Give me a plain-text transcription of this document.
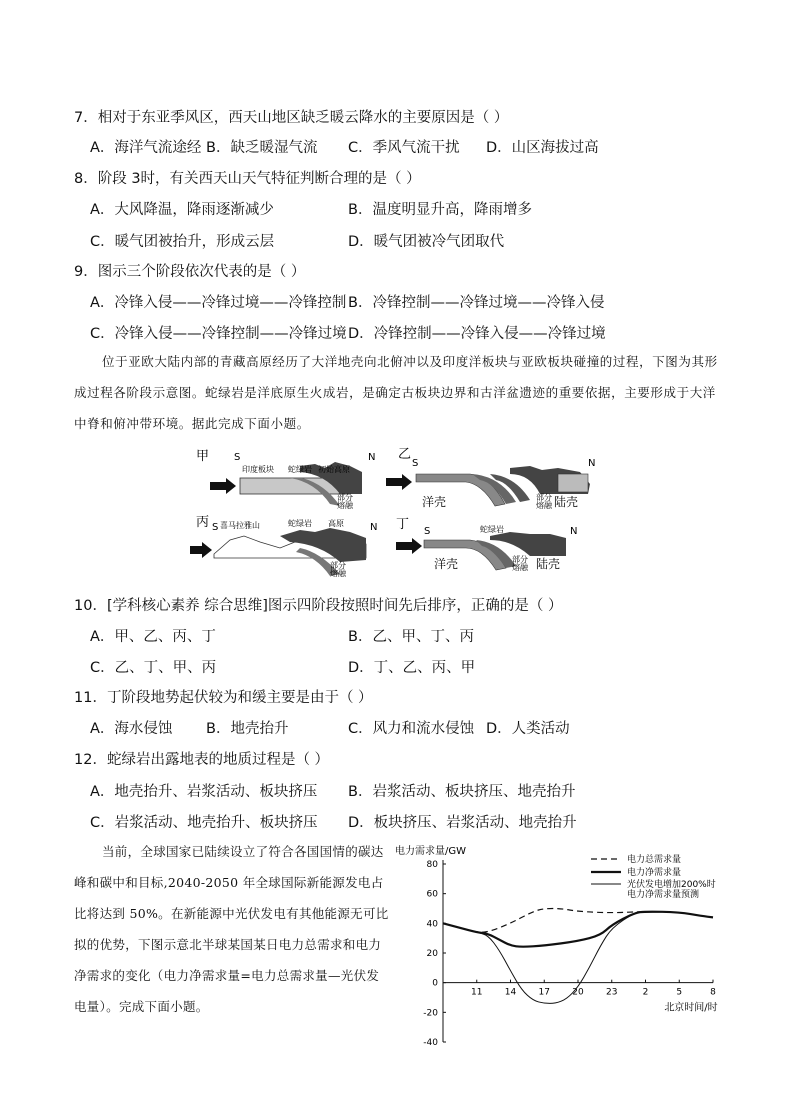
7．相对于东亚季风区，西天山地区缺乏暖云降水的主要原因是（ ）
A．海洋气流途经 B．缺乏暖湿气流 C．季风气流干扰 D．山区海拔过高
8．阶段 3时，有关西天山天气特征判断合理的是（ ）
A．大风降温，降雨逐渐减少	B．温度明显升高，降雨增多
C．暖气团被抬升，形成云层	D．暖气团被冷气团取代
9．图示三个阶段依次代表的是（ ）
A．冷锋入侵——冷锋过境——冷锋控制 B．冷锋控制——冷锋过境——冷锋入侵
C．冷锋入侵——冷锋控制——冷锋过境 D．冷锋控制——冷锋入侵——冷锋过境
位于亚欧大陆内部的青藏高原经历了大洋地壳向北俯冲以及印度洋板块与亚欧板块碰撞的过程，下图为其形成过程各阶段示意图。蛇绿岩是洋底原生火成岩，是确定古板块边界和古洋盆遗迹的重要依据，主要形成于大洋中脊和俯冲带环境。据此完成下面小题。
甲 S	N
印度板块 蛇绿岩 初始高原
部分
熔融
乙
S	N
洋壳	部分
熔融 陆壳
丙 S	N
喜马拉雅山	蛇绿岩 高原
部分
熔融
丁 S	N
蛇绿岩
洋壳	部分
熔融 陆壳
10．[学科核心素养 综合思维]图示四阶段按照时间先后排序，正确的是（ ）
A．甲、乙、丙、丁	B．乙、甲、丁、丙
C．乙、丁、甲、丙	D．丁、乙、丙、甲
11．丁阶段地势起伏较为和缓主要是由于（ ）
A．海水侵蚀 B．地壳抬升	C．风力和流水侵蚀 D．人类活动
12．蛇绿岩出露地表的地质过程是（ ）
A．地壳抬升、岩浆活动、板块挤压 B．岩浆活动、板块挤压、地壳抬升
C．岩浆活动、地壳抬升、板块挤压 D．板块挤压、岩浆活动、地壳抬升
当前，全球国家已陆续设立了符合各国国情的碳达峰和碳中和目标,2040-2050 年全球国际新能源发电占比将达到 50%。在新能源中光伏发电有其他能源无可比拟的优势，下图示意北半球某国某日电力总需求和电力净需求的变化（电力净需求量=电力总需求量—光伏发电量）。完成下面小题。
电力需求量/GW
-40
-20
0
20
40
60
80
11 14 17 20 23	2	5	8
北京时间/时
电力总需求量
电力净需求量
光伏发电增加200%时
电力净需求量预测
